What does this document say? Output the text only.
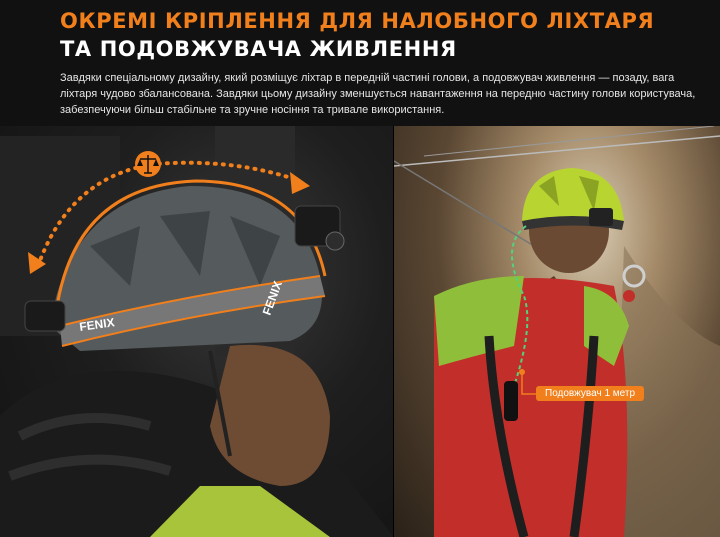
ОКРЕМІ КРІПЛЕННЯ ДЛЯ НАЛОБНОГО ЛІХТАРЯ
ТА ПОДОВЖУВАЧА ЖИВЛЕННЯ
Завдяки спеціальному дизайну, який розміщує ліхтар в передній частині голови, а подовжувач живлення — позаду, вага
ліхтаря чудово збалансована. Завдяки цьому дизайну зменшується навантаження на передню частину голови користувача,
забезпечуючи більш стабільне та зручне носіння та тривале використання.
FENIX
FENIX
Подовжувач 1 метр
